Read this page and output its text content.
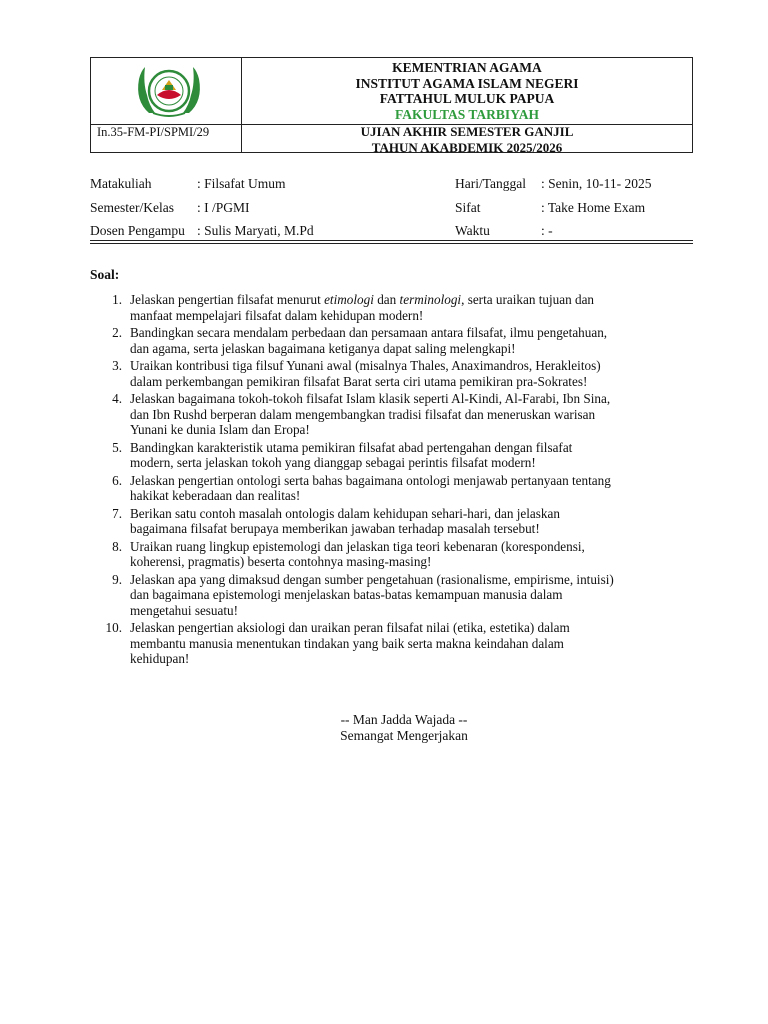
KEMENTRIAN AGAMA
INSTITUT AGAMA ISLAM NEGERI
FATTAHUL MULUK PAPUA
FAKULTAS TARBIYAH
In.35-FM-PI/SPMI/29	UJIAN AKHIR SEMESTER GANJIL
TAHUN AKABDEMIK 2025/2026
Matakuliah	: Filsafat Umum	Hari/Tanggal : Senin, 10-11- 2025
Semester/Kelas : I /PGMI	Sifat	: Take Home Exam
Dosen Pengampu : Sulis Maryati, M.Pd	Waktu	: -
Soal:
1. Jelaskan pengertian filsafat menurut etimologi dan terminologi, serta uraikan tujuan dan
manfaat mempelajari filsafat dalam kehidupan modern!
2. Bandingkan secara mendalam perbedaan dan persamaan antara filsafat, ilmu pengetahuan,
dan agama, serta jelaskan bagaimana ketiganya dapat saling melengkapi!
3. Uraikan kontribusi tiga filsuf Yunani awal (misalnya Thales, Anaximandros, Herakleitos)
dalam perkembangan pemikiran filsafat Barat serta ciri utama pemikiran pra-Sokrates!
4. Jelaskan bagaimana tokoh-tokoh filsafat Islam klasik seperti Al-Kindi, Al-Farabi, Ibn Sina,
dan Ibn Rushd berperan dalam mengembangkan tradisi filsafat dan meneruskan warisan
Yunani ke dunia Islam dan Eropa!
5. Bandingkan karakteristik utama pemikiran filsafat abad pertengahan dengan filsafat
modern, serta jelaskan tokoh yang dianggap sebagai perintis filsafat modern!
6. Jelaskan pengertian ontologi serta bahas bagaimana ontologi menjawab pertanyaan tentang
hakikat keberadaan dan realitas!
7. Berikan satu contoh masalah ontologis dalam kehidupan sehari-hari, dan jelaskan
bagaimana filsafat berupaya memberikan jawaban terhadap masalah tersebut!
8. Uraikan ruang lingkup epistemologi dan jelaskan tiga teori kebenaran (korespondensi,
koherensi, pragmatis) beserta contohnya masing-masing!
9. Jelaskan apa yang dimaksud dengan sumber pengetahuan (rasionalisme, empirisme, intuisi)
dan bagaimana epistemologi menjelaskan batas-batas kemampuan manusia dalam
mengetahui sesuatu!
10. Jelaskan pengertian aksiologi dan uraikan peran filsafat nilai (etika, estetika) dalam
membantu manusia menentukan tindakan yang baik serta makna keindahan dalam
kehidupan!
-- Man Jadda Wajada --
Semangat Mengerjakan
